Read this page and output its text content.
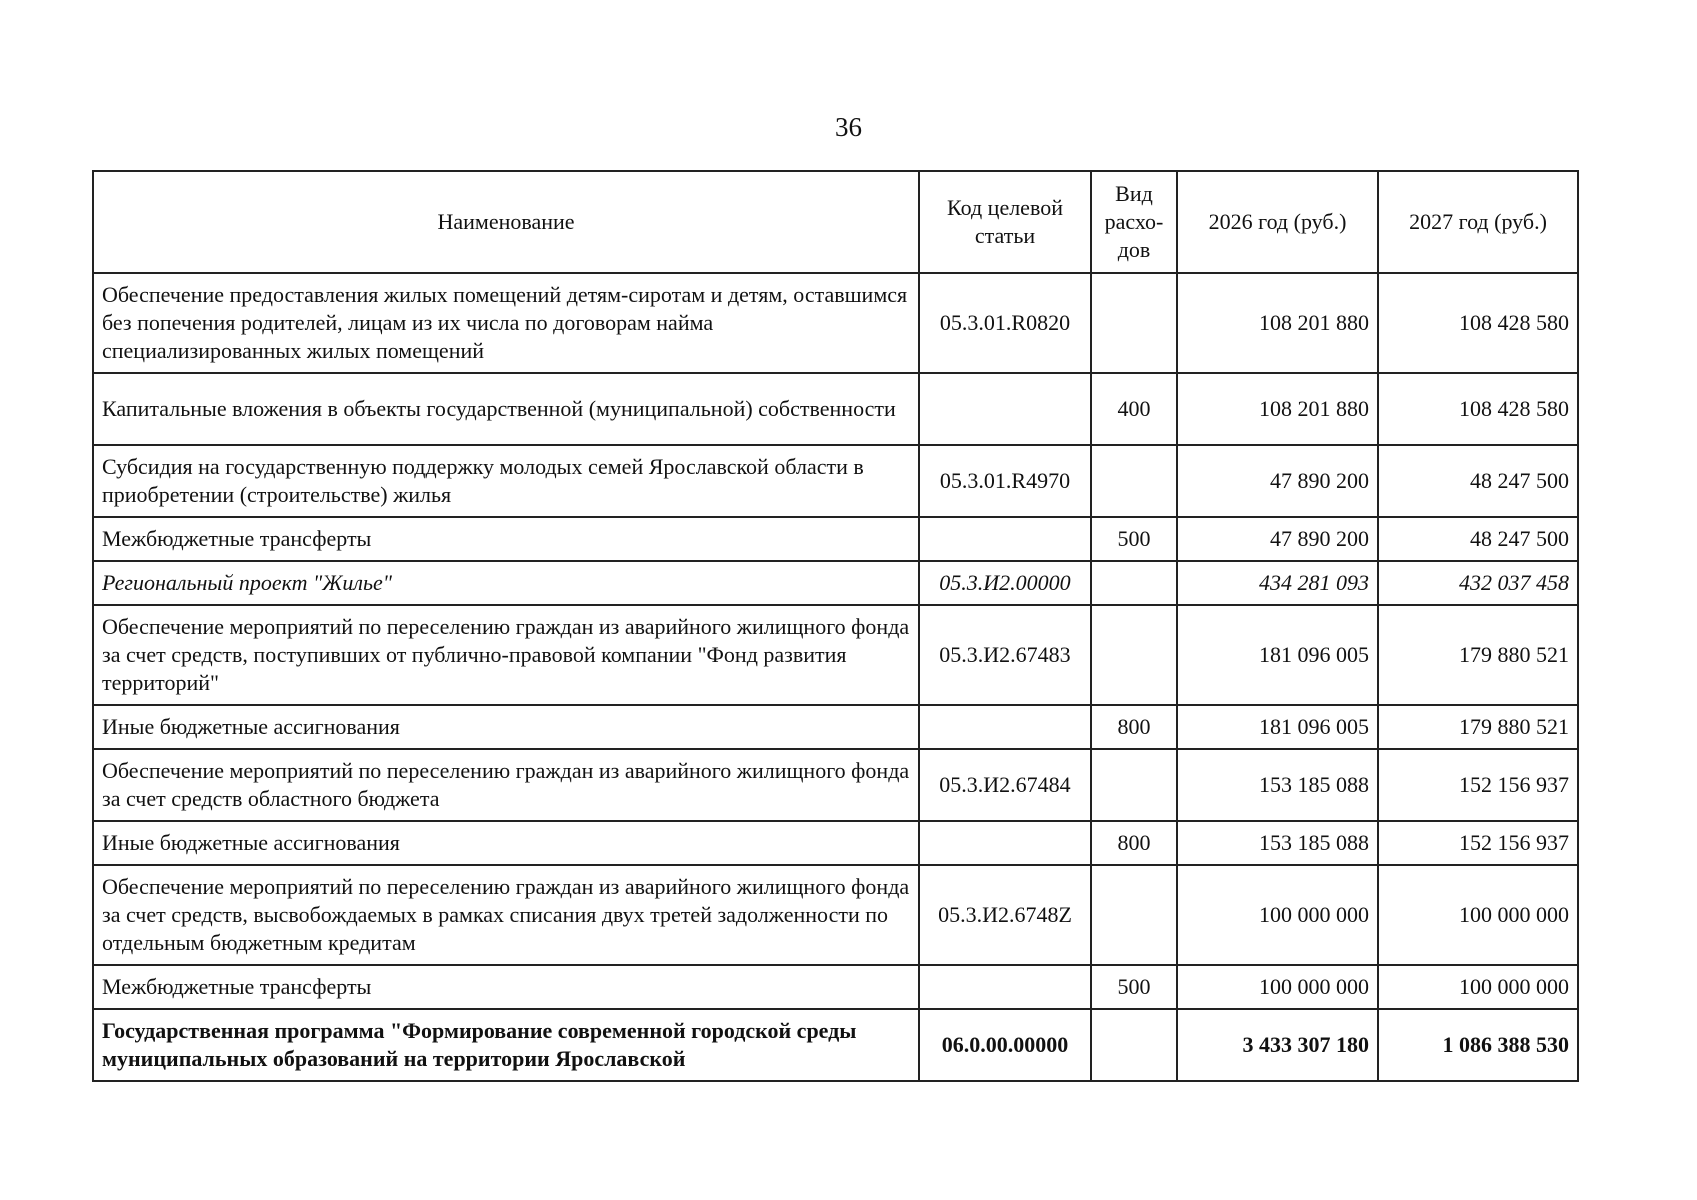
36
Наименование	Код целевой статьи	Вид расхо-дов	2026 год (руб.)	2027 год (руб.)
Обеспечение предоставления жилых помещений детям-сиротам и детям, оставшимся без попечения родителей, лицам из их числа по договорам найма специализированных жилых помещений	05.3.01.R0820		108 201 880	108 428 580
Капитальные вложения в объекты государственной (муниципальной) собственности		400	108 201 880	108 428 580
Субсидия на государственную поддержку молодых семей Ярославской области в приобретении (строительстве) жилья	05.3.01.R4970		47 890 200	48 247 500
Межбюджетные трансферты		500	47 890 200	48 247 500
Региональный проект "Жилье"	05.3.И2.00000		434 281 093	432 037 458
Обеспечение мероприятий по переселению граждан из аварийного жилищного фонда за счет средств, поступивших от публично-правовой компании "Фонд развития территорий"	05.3.И2.67483		181 096 005	179 880 521
Иные бюджетные ассигнования		800	181 096 005	179 880 521
Обеспечение мероприятий по переселению граждан из аварийного жилищного фонда за счет средств областного бюджета	05.3.И2.67484		153 185 088	152 156 937
Иные бюджетные ассигнования		800	153 185 088	152 156 937
Обеспечение мероприятий по переселению граждан из аварийного жилищного фонда за счет средств, высвобождаемых в рамках списания двух третей задолженности по отдельным бюджетным кредитам	05.3.И2.6748Z		100 000 000	100 000 000
Межбюджетные трансферты		500	100 000 000	100 000 000
Государственная программа "Формирование современной городской среды муниципальных образований на территории Ярославской	06.0.00.00000		3 433 307 180	1 086 388 530
